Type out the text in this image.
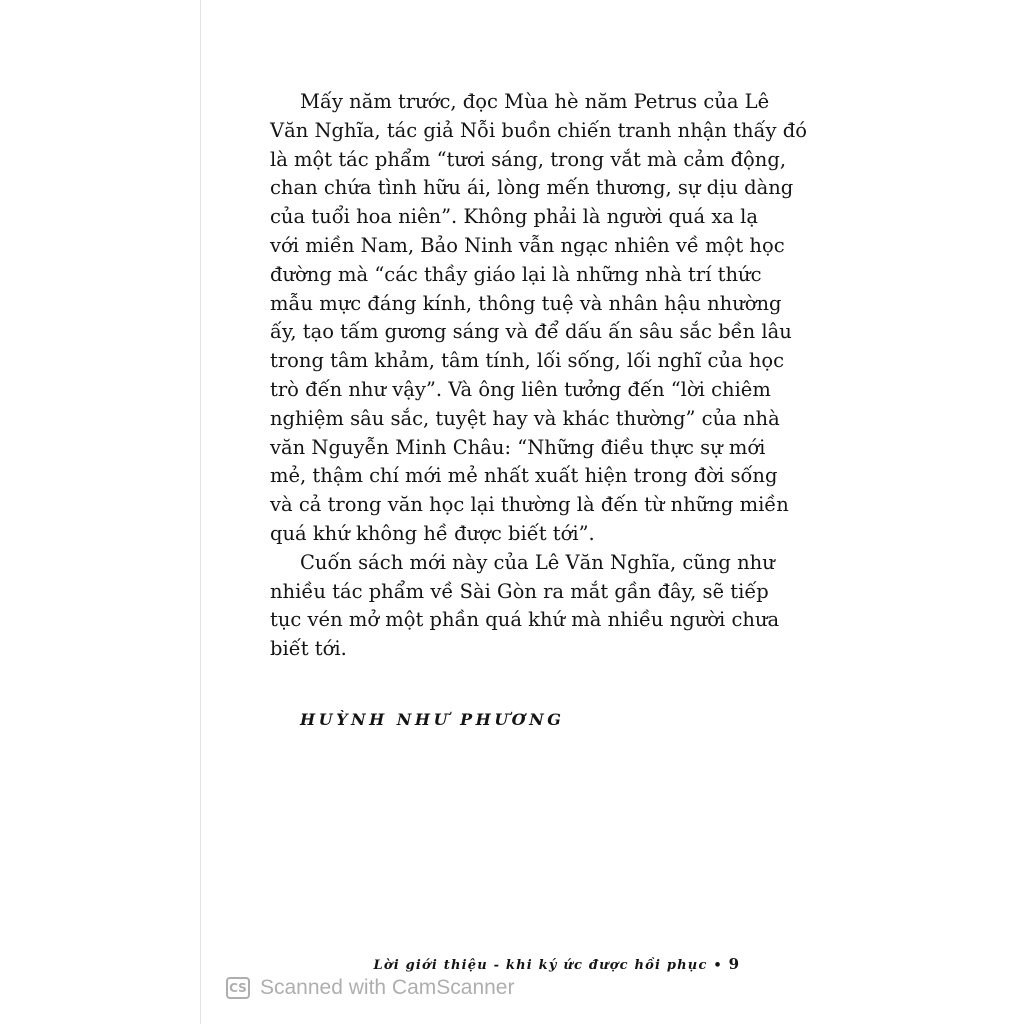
Mấy năm trước, đọc Mùa hè năm Petrus của Lê
Văn Nghĩa, tác giả Nỗi buồn chiến tranh nhận thấy đó
là một tác phẩm “tươi sáng, trong vắt mà cảm động,
chan chứa tình hữu ái, lòng mến thương, sự dịu dàng
của tuổi hoa niên”. Không phải là người quá xa lạ
với miền Nam, Bảo Ninh vẫn ngạc nhiên về một học
đường mà “các thầy giáo lại là những nhà trí thức
mẫu mực đáng kính, thông tuệ và nhân hậu nhường
ấy, tạo tấm gương sáng và để dấu ấn sâu sắc bền lâu
trong tâm khảm, tâm tính, lối sống, lối nghĩ của học
trò đến như vậy”. Và ông liên tưởng đến “lời chiêm
nghiệm sâu sắc, tuyệt hay và khác thường” của nhà
văn Nguyễn Minh Châu: “Những điều thực sự mới
mẻ, thậm chí mới mẻ nhất xuất hiện trong đời sống
và cả trong văn học lại thường là đến từ những miền
quá khứ không hề được biết tới”.

Cuốn sách mới này của Lê Văn Nghĩa, cũng như
nhiều tác phẩm về Sài Gòn ra mắt gần đây, sẽ tiếp
tục vén mở một phần quá khứ mà nhiều người chưa
biết tới.

HUỲNH NHƯ PHƯƠNG
Lời giới thiệu - khi ký ức được hồi phục • 9
CS Scanned with CamScanner
